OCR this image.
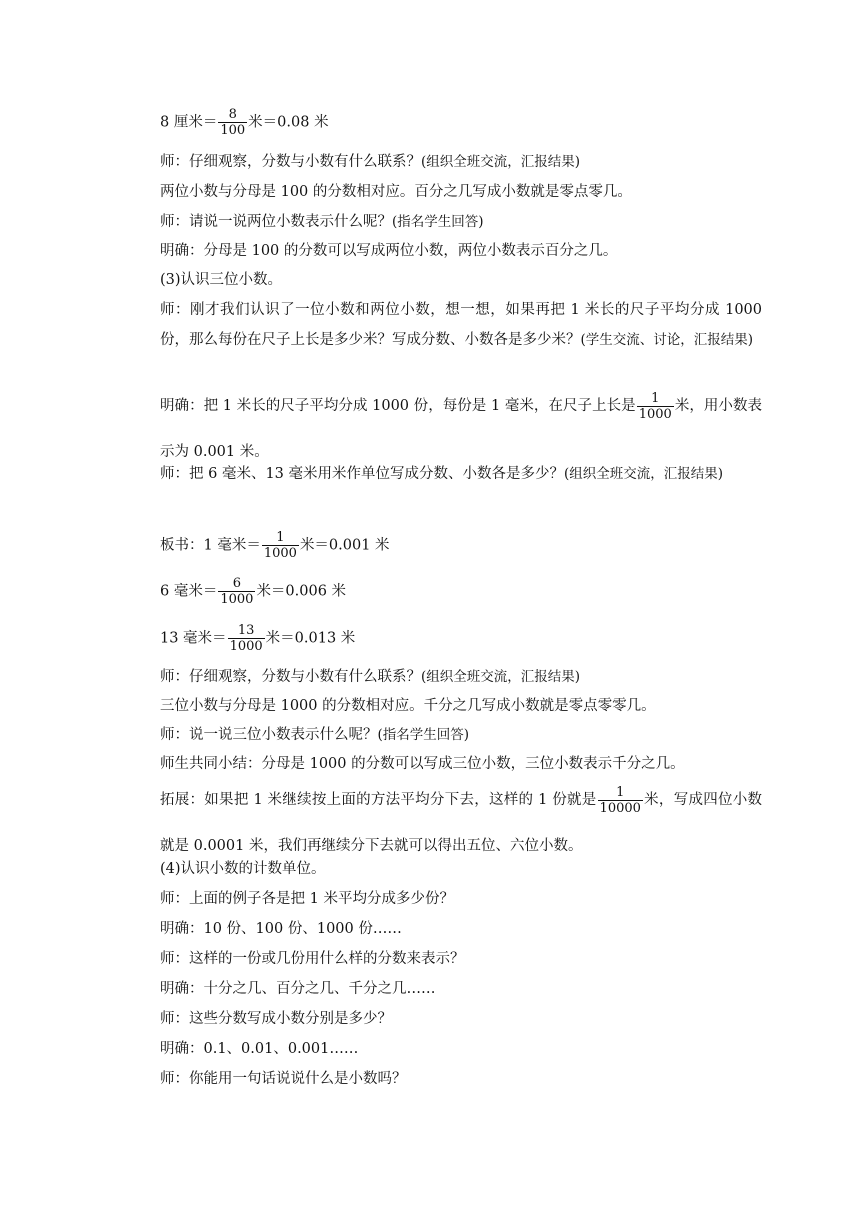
8 厘米＝ $\frac{8}{100}$ 米＝0.08 米
师：仔细观察，分数与小数有什么联系？(组织全班交流，汇报结果)
两位小数与分母是 100 的分数相对应。百分之几写成小数就是零点零几。
师：请说一说两位小数表示什么呢？(指名学生回答)
明确：分母是 100 的分数可以写成两位小数，两位小数表示百分之几。
(3)认识三位小数。
师：刚才我们认识了一位小数和两位小数，想一想，如果再把 1 米长的尺子平均分成 1000 份，那么每份在尺子上长是多少米？写成分数、小数各是多少米？(学生交流、讨论，汇报结果)
明确：把 1 米长的尺子平均分成 1000 份，每份是 1 毫米，在尺子上长是 $\frac{1}{1000}$ 米，用小数表示为 0.001 米。
师：把 6 毫米、13 毫米用米作单位写成分数、小数各是多少？(组织全班交流，汇报结果)
板书：1 毫米＝ $\frac{1}{1000}$ 米＝0.001 米
6 毫米＝ $\frac{6}{1000}$ 米＝0.006 米
13 毫米＝ $\frac{13}{1000}$ 米＝0.013 米
师：仔细观察，分数与小数有什么联系？(组织全班交流，汇报结果)
三位小数与分母是 1000 的分数相对应。千分之几写成小数就是零点零零几。
师：说一说三位小数表示什么呢？(指名学生回答)
师生共同小结：分母是 1000 的分数可以写成三位小数，三位小数表示千分之几。
拓展：如果把 1 米继续按上面的方法平均分下去，这样的 1 份就是 $\frac{1}{10000}$ 米，写成四位小数就是 0.0001 米，我们再继续分下去就可以得出五位、六位小数。
(4)认识小数的计数单位。
师：上面的例子各是把 1 米平均分成多少份？
明确：10 份、100 份、1000 份……
师：这样的一份或几份用什么样的分数来表示？
明确：十分之几、百分之几、千分之几……
师：这些分数写成小数分别是多少？
明确：0.1、0.01、0.001……
师：你能用一句话说说什么是小数吗？
